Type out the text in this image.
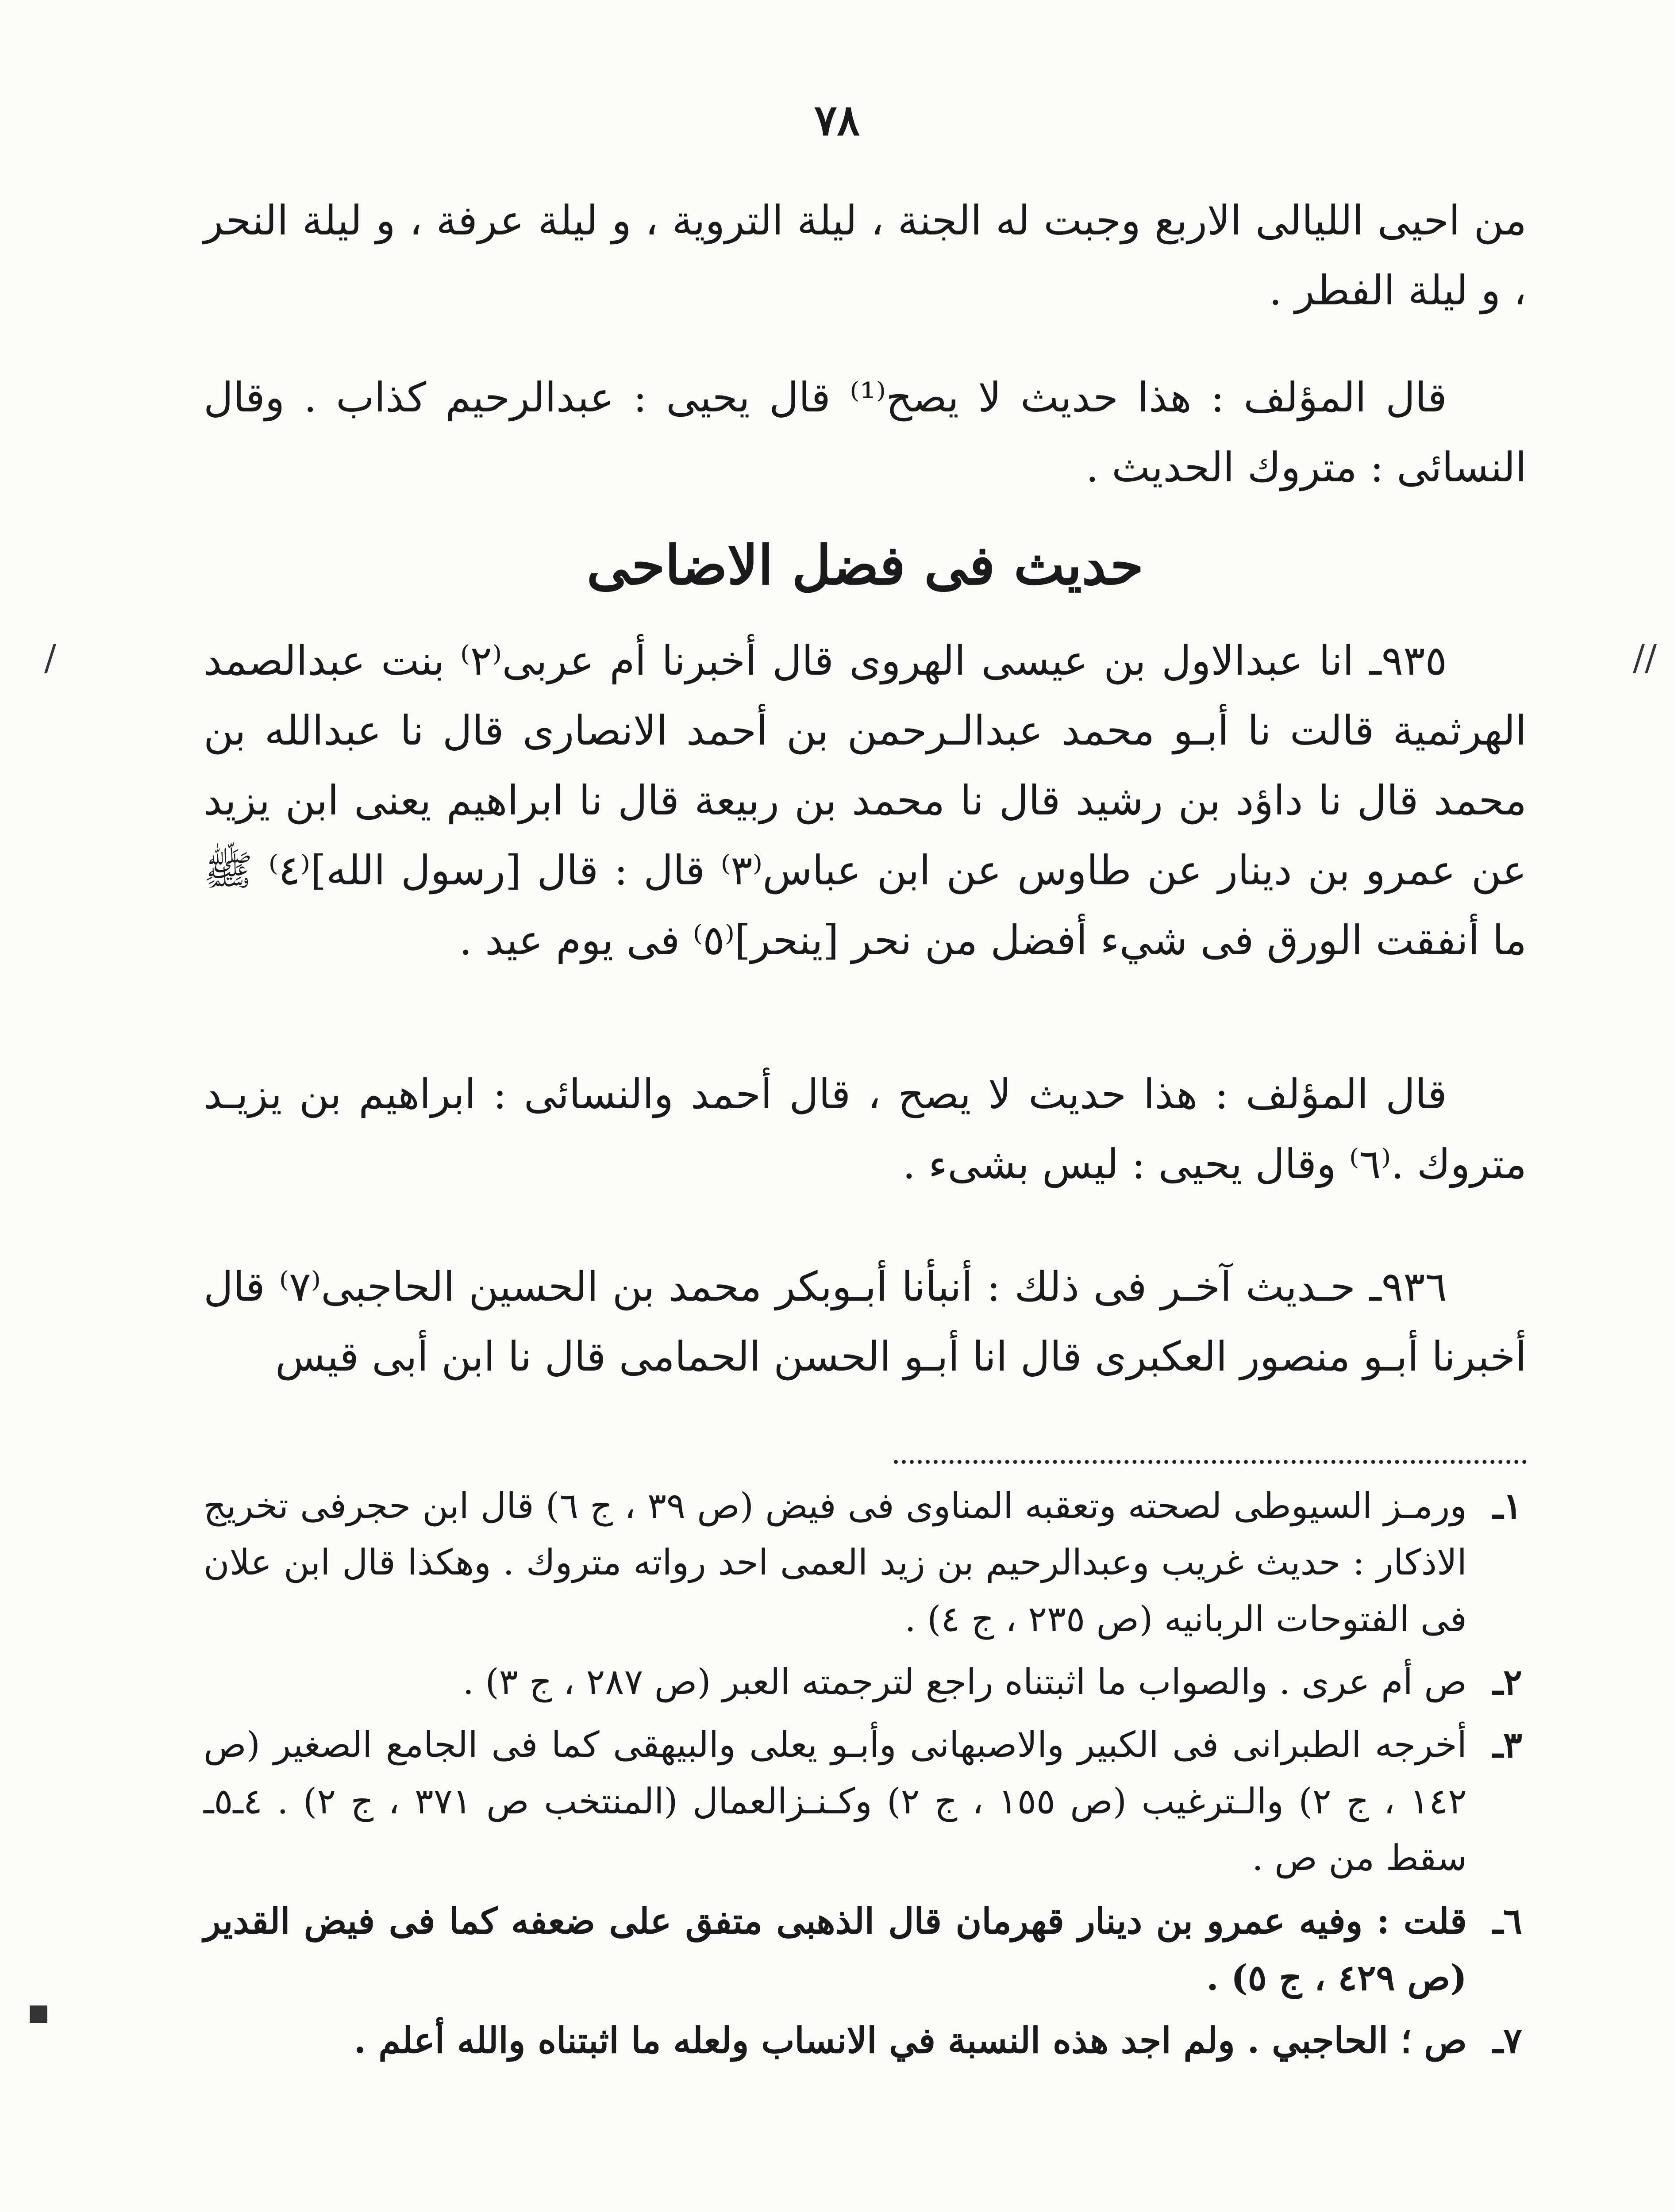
٧٨
من احيى الليالى الاربع وجبت له الجنة ، ليلة التروية ، و ليلة عرفة ، و ليلة النحر ، و ليلة الفطر .
قال المؤلف : هذا حديث لا يصح⁽¹⁾ قال يحيى : عبدالرحيم كذاب . وقال النسائى : متروك الحديث .
حديث فى فضل الاضاحى
٩٣٥ـ انا عبدالاول بن عيسى الهروى قال أخبرنا أم عربى⁽٢⁾ بنت عبدالصمد الهرثمية قالت نا أبـو محمد عبدالـرحمن بن أحمد الانصارى قال نا عبدالله بن محمد قال نا داؤد بن رشيد قال نا محمد بن ربيعة قال نا ابراهيم يعنى ابن يزيد عن عمرو بن دينار عن طاوس عن ابن عباس⁽٣⁾ قال : قال [رسول الله]⁽٤⁾ ﷺ ما أنفقت الورق فى شيء أفضل من نحر [ينحر]⁽٥⁾ فى يوم عيد .
قال المؤلف : هذا حديث لا يصح ، قال أحمد والنسائى : ابراهيم بن يزيـد متروك .⁽٦⁾ وقال يحيى : ليس بشىء .
٩٣٦ـ حـديث آخـر فى ذلك : أنبأنا أبـوبكر محمد بن الحسين الحاجبى⁽٧⁾ قال أخبرنا أبـو منصور العكبرى قال انا أبـو الحسن الحمامى قال نا ابن أبى قيس
١ـ
ورمـز السيوطى لصحته وتعقبه المناوى فى فيض (ص ٣٩ ، ج ٦) قال ابن حجرفى تخريج الاذكار : حديث غريب وعبدالرحيم بن زيد العمى احد رواته متروك . وهكذا قال ابن علان فى الفتوحات الربانيه (ص ٢٣٥ ، ج ٤) .
٢ـ
ص أم عرى . والصواب ما اثبتناه راجع لترجمته العبر (ص ٢٨٧ ، ج ٣) .
٣ـ
أخرجه الطبرانى فى الكبير والاصبهانى وأبـو يعلى والبيهقى كما فى الجامع الصغير (ص ١٤٢ ، ج ٢) والـترغيب (ص ١٥٥ ، ج ٢) وكـنـزالعمال (المنتخب ص ٣٧١ ، ج ٢) . ٤ـ٥ـ سقط من ص .
٦ـ
قلت : وفيه عمرو بن دينار قهرمان قال الذهبى متفق على ضعفه كما فى فيض القدير (ص ٤٢٩ ، ج ٥) .
٧ـ
ص ؛ الحاجبي . ولم اجد هذه النسبة في الانساب ولعله ما اثبتناه والله أعلم .
//
/
▪
